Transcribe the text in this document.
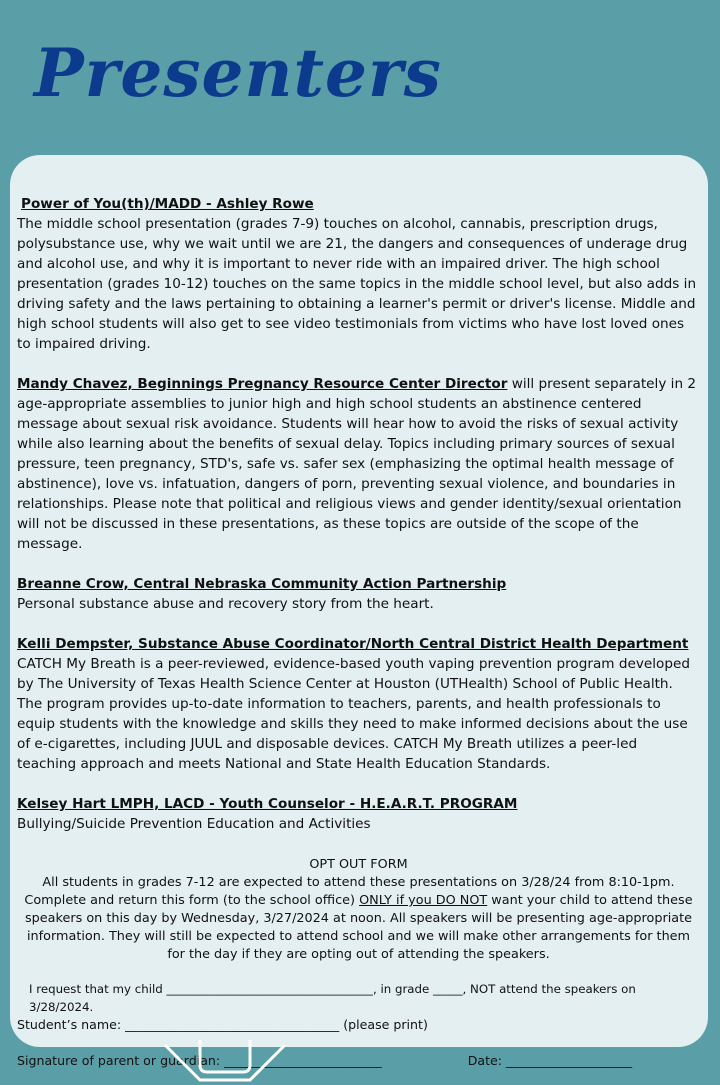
Presenters
Power of You(th)/MADD - Ashley Rowe
The middle school presentation (grades 7-9) touches on alcohol, cannabis, prescription drugs, polysubstance use, why we wait until we are 21, the dangers and consequences of underage drug and alcohol use, and why it is important to never ride with an impaired driver. The high school presentation (grades 10-12) touches on the same topics in the middle school level, but also adds in driving safety and the laws pertaining to obtaining a learner's permit or driver's license. Middle and high school students will also get to see video testimonials from victims who have lost loved ones to impaired driving.
Mandy Chavez, Beginnings Pregnancy Resource Center Director will present separately in 2 age-appropriate assemblies to junior high and high school students an abstinence centered message about sexual risk avoidance. Students will hear how to avoid the risks of sexual activity while also learning about the benefits of sexual delay. Topics including primary sources of sexual pressure, teen pregnancy, STD's, safe vs. safer sex (emphasizing the optimal health message of abstinence), love vs. infatuation, dangers of porn, preventing sexual violence, and boundaries in relationships. Please note that political and religious views and gender identity/sexual orientation will not be discussed in these presentations, as these topics are outside of the scope of the message.
Breanne Crow, Central Nebraska Community Action Partnership
Personal substance abuse and recovery story from the heart.
Kelli Dempster, Substance Abuse Coordinator/North Central District Health Department
CATCH My Breath is a peer-reviewed, evidence-based youth vaping prevention program developed by The University of Texas Health Science Center at Houston (UTHealth) School of Public Health. The program provides up-to-date information to teachers, parents, and health professionals to equip students with the knowledge and skills they need to make informed decisions about the use of e-cigarettes, including JUUL and disposable devices. CATCH My Breath utilizes a peer-led teaching approach and meets National and State Health Education Standards.
Kelsey Hart LMPH, LACD - Youth Counselor - H.E.A.R.T. PROGRAM
Bullying/Suicide Prevention Education and Activities
OPT OUT FORM
All students in grades 7-12 are expected to attend these presentations on 3/28/24 from 8:10-1pm. Complete and return this form (to the school office) ONLY if you DO NOT want your child to attend these speakers on this day by Wednesday, 3/27/2024 at noon. All speakers will be presenting age-appropriate information. They will still be expected to attend school and we will make other arrangements for them for the day if they are opting out of attending the speakers.
I request that my child ___________________________________, in grade _____, NOT attend the speakers on 3/28/2024.
Student’s name: __________________________________ (please print)
Signature of parent or guardian: _________________________	Date: ____________________
